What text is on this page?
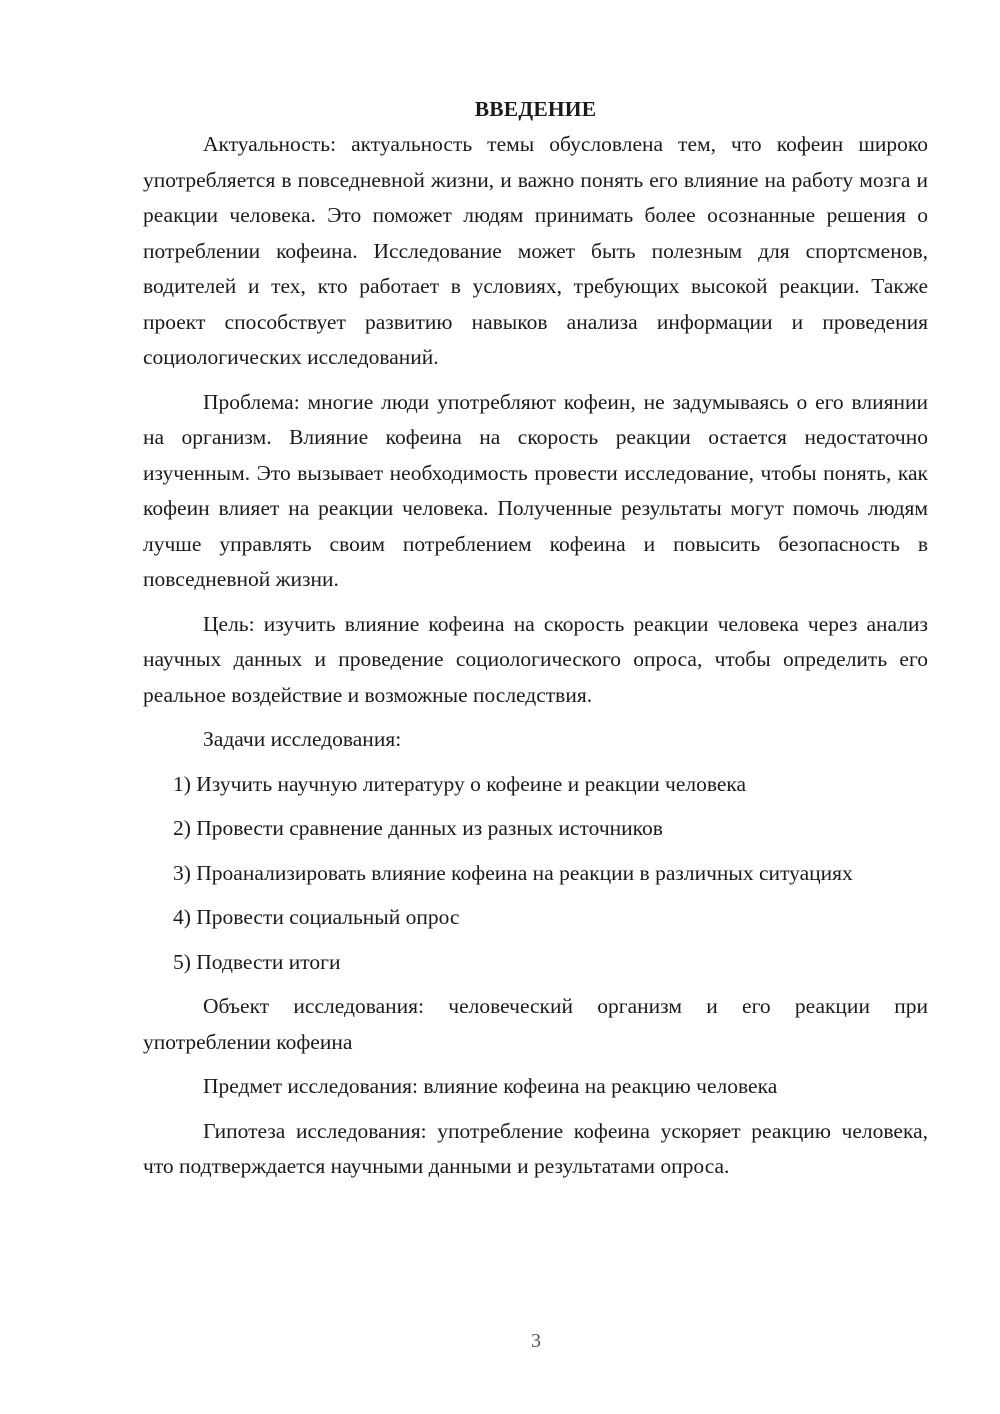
ВВЕДЕНИЕ

Актуальность: актуальность темы обусловлена тем, что кофеин широко употребляется в повседневной жизни, и важно понять его влияние на работу мозга и реакции человека. Это поможет людям принимать более осознанные решения о потреблении кофеина. Исследование может быть полезным для спортсменов, водителей и тех, кто работает в условиях, требующих высокой реакции. Также проект способствует развитию навыков анализа информации и проведения социологических исследований.

Проблема: многие люди употребляют кофеин, не задумываясь о его влиянии на организм. Влияние кофеина на скорость реакции остается недостаточно изученным. Это вызывает необходимость провести исследование, чтобы понять, как кофеин влияет на реакции человека. Полученные результаты могут помочь людям лучше управлять своим потреблением кофеина и повысить безопасность в повседневной жизни.

Цель: изучить влияние кофеина на скорость реакции человека через анализ научных данных и проведение социологического опроса, чтобы определить его реальное воздействие и возможные последствия.

Задачи исследования:

1) Изучить научную литературу о кофеине и реакции человека

2) Провести сравнение данных из разных источников

3) Проанализировать влияние кофеина на реакции в различных ситуациях

4) Провести социальный опрос

5) Подвести итоги

Объект исследования: человеческий организм и его реакции при употреблении кофеина

Предмет исследования: влияние кофеина на реакцию человека

Гипотеза исследования: употребление кофеина ускоряет реакцию человека, что подтверждается научными данными и результатами опроса.

3
